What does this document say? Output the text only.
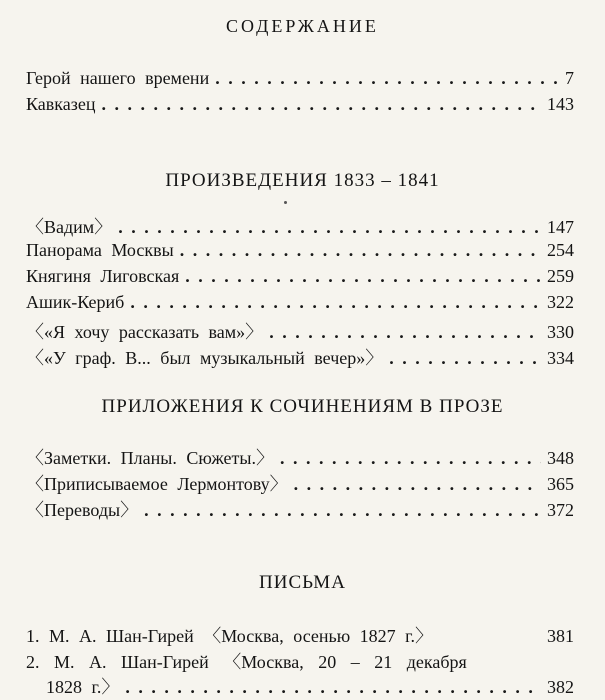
СОДЕРЖАНИЕ
Герой нашего времени . . .	7
Кавказец . . .	143
ПРОИЗВЕДЕНИЯ 1833 – 1841
〈Вадим〉 . . .	147
Панорама Москвы . . .	254
Княгиня Лиговская . . .	259
Ашик-Кериб . . .	322
〈«Я хочу рассказать вам»〉 . . .	330
〈«У граф. В... был музыкальный вечер»〉 . . .	334
ПРИЛОЖЕНИЯ К СОЧИНЕНИЯМ В ПРОЗЕ
〈Заметки. Планы. Сюжеты.〉 . . .	348
〈Приписываемое Лермонтову〉 . . .	365
〈Переводы〉 . . .	372
ПИСЬМА
1. М. А. Шан-Гирей 〈Москва, осенью 1827 г.〉	381
2. М. А. Шан-Гирей 〈Москва, 20 – 21 декабря
1828 г.〉 . . .	382
